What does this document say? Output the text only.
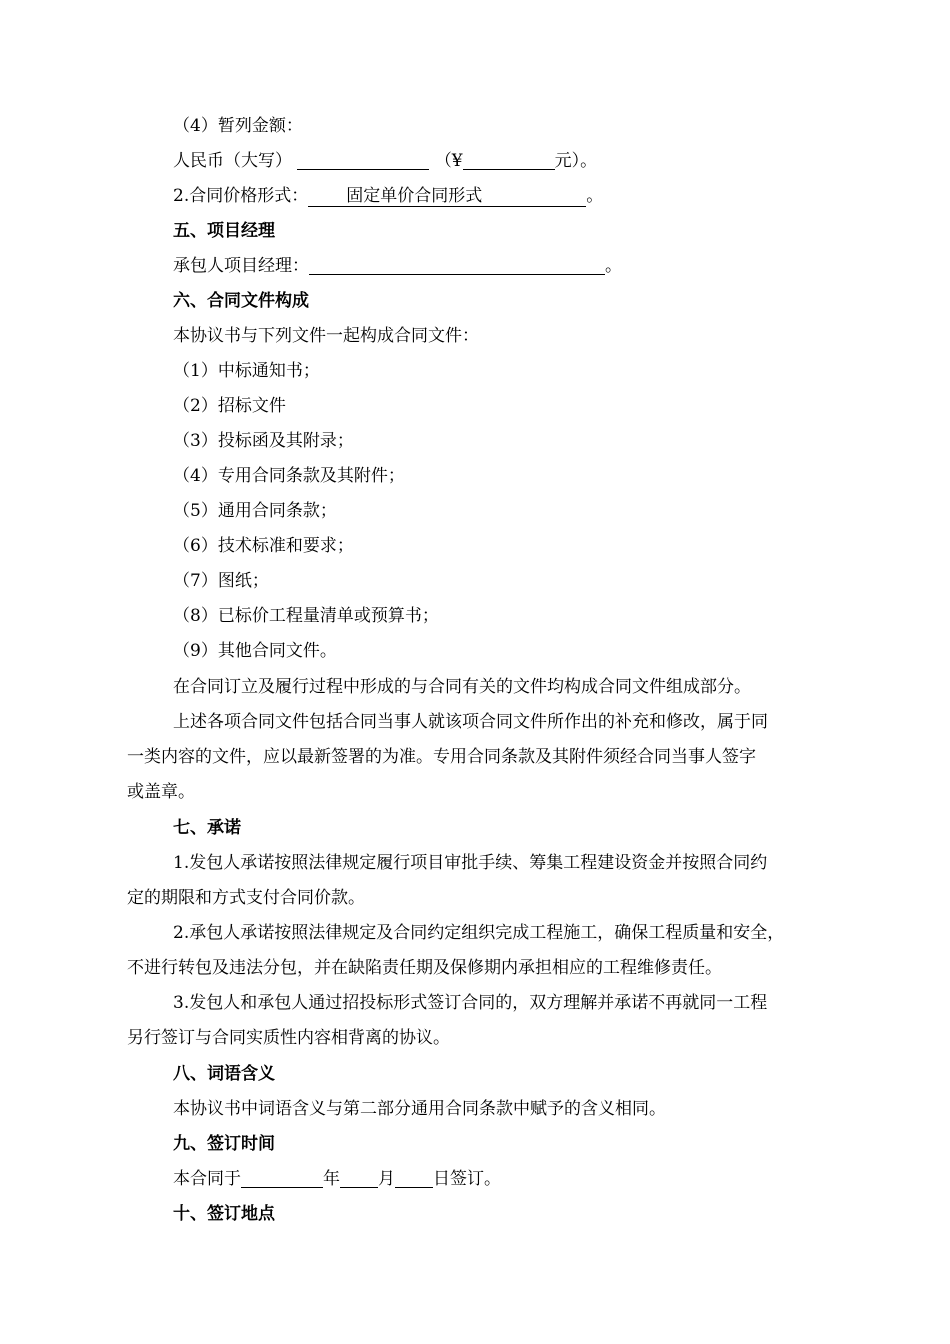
（4）暂列金额：
人民币（大写）	（¥	元）。
2.合同价格形式： 固定单价合同形式	。
五、项目经理
承包人项目经理：	。
六、合同文件构成
本协议书与下列文件一起构成合同文件：
（1）中标通知书；
（2）招标文件
（3）投标函及其附录；
（4）专用合同条款及其附件；
（5）通用合同条款；
（6）技术标准和要求；
（7）图纸；
（8）已标价工程量清单或预算书；
（9）其他合同文件。
在合同订立及履行过程中形成的与合同有关的文件均构成合同文件组成部分。
上述各项合同文件包括合同当事人就该项合同文件所作出的补充和修改，属于同
一类内容的文件，应以最新签署的为准。专用合同条款及其附件须经合同当事人签字
或盖章。
七、承诺
1.发包人承诺按照法律规定履行项目审批手续、筹集工程建设资金并按照合同约
定的期限和方式支付合同价款。
2.承包人承诺按照法律规定及合同约定组织完成工程施工，确保工程质量和安全，
不进行转包及违法分包，并在缺陷责任期及保修期内承担相应的工程维修责任。
3.发包人和承包人通过招投标形式签订合同的，双方理解并承诺不再就同一工程
另行签订与合同实质性内容相背离的协议。
八、词语含义
本协议书中词语含义与第二部分通用合同条款中赋予的含义相同。
九、签订时间
本合同于	年 月 日签订。
十、签订地点
